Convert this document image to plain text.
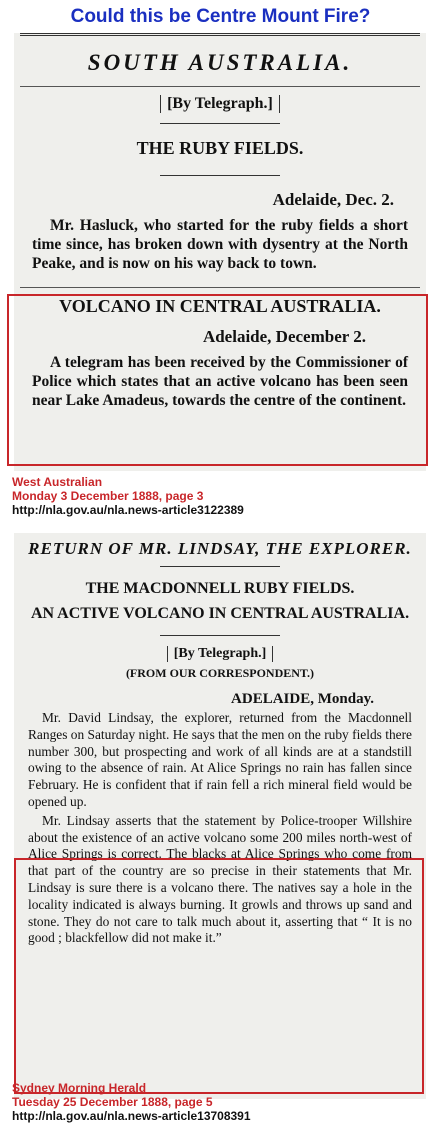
Could this be Centre Mount Fire?
SOUTH AUSTRALIA.
[By Telegraph.]
THE RUBY FIELDS.
Adelaide, Dec. 2.
Mr. Hasluck, who started for the ruby fields a short time since, has broken down with dysentry at the North Peake, and is now on his way back to town.
VOLCANO IN CENTRAL AUSTRALIA.
Adelaide, December 2.
A telegram has been received by the Commissioner of Police which states that an active volcano has been seen near Lake Amadeus, towards the centre of the continent.
West Australian
Monday 3 December 1888, page 3
http://nla.gov.au/nla.news-article3122389
RETURN OF MR. LINDSAY, THE EXPLORER.
THE MACDONNELL RUBY FIELDS.
AN ACTIVE VOLCANO IN CENTRAL AUSTRALIA.
[By Telegraph.]
(FROM OUR CORRESPONDENT.)
ADELAIDE, Monday.

Mr. David Lindsay, the explorer, returned from the Macdonnell Ranges on Saturday night. He says that the men on the ruby fields there number 300, but prospecting and work of all kinds are at a standstill owing to the absence of rain. At Alice Springs no rain has fallen since February. He is confident that if rain fell a rich mineral field would be opened up.

Mr. Lindsay asserts that the statement by Police-trooper Willshire about the existence of an active volcano some 200 miles north-west of Alice Springs is correct. The blacks at Alice Springs who come from that part of the country are so precise in their statements that Mr. Lindsay is sure there is a volcano there. The natives say a hole in the locality indicated is always burning. It growls and throws up sand and stone. They do not care to talk much about it, asserting that “ It is no good ; blackfellow did not make it.”

Sydney Morning Herald
Tuesday 25 December 1888, page 5
http://nla.gov.au/nla.news-article13708391
